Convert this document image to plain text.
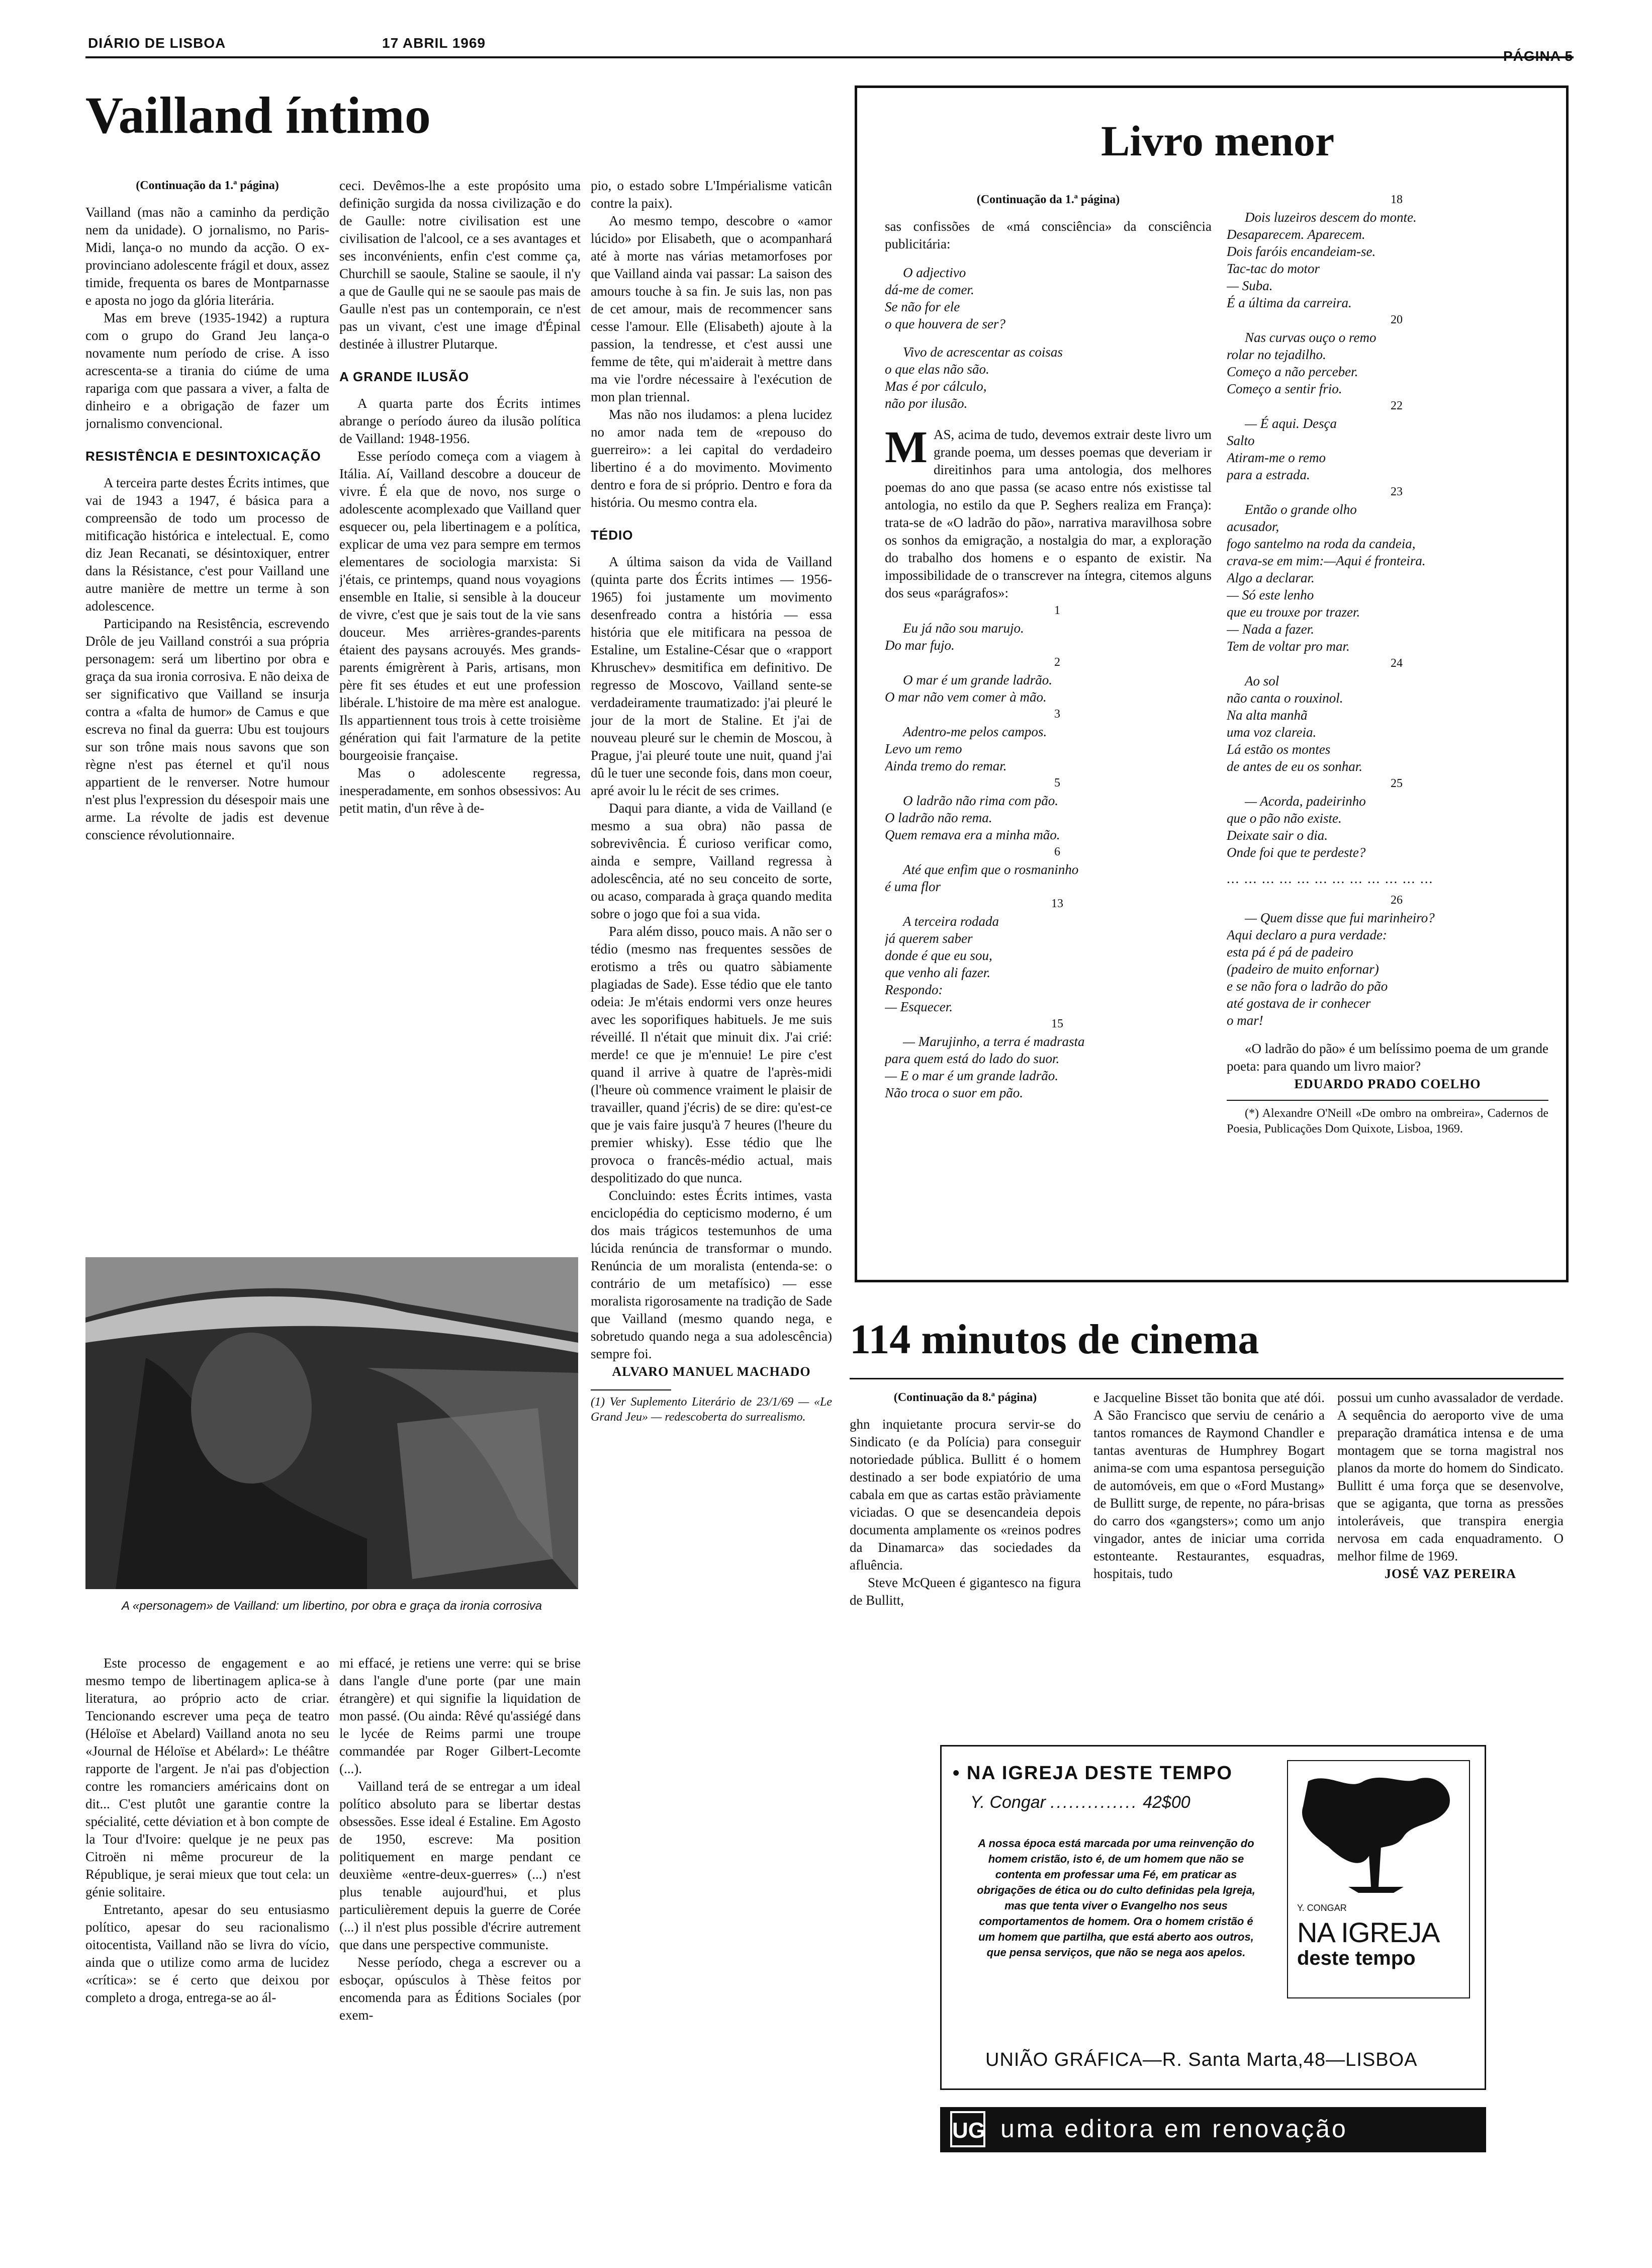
DIÁRIO DE LISBOA	17 ABRIL 1969
Vailland íntimo

(Continuação da 1.ª página)

Vailland (mas não a caminho da perdição nem da unidade). O jornalismo, no Paris-Midi, lança-o no mundo da acção. O ex-provinciano adolescente frágil et doux, assez timide, frequenta os bares de Montparnasse e aposta no jogo da glória literária.

Mas em breve (1935-1942) a ruptura com o grupo do Grand Jeu lança-o novamente num período de crise. A isso acrescenta-se a tirania do ciúme de uma rapariga com que passara a viver, a falta de dinheiro e a obrigação de fazer um jornalismo convencional.

RESISTÊNCIA E DESINTOXICAÇÃO

A terceira parte destes Écrits intimes, que vai de 1943 a 1947, é básica para a compreensão de todo um processo de mitificação histórica e intelectual. E, como diz Jean Recanati, se désintoxiquer, entrer dans la Résistance, c'est pour Vailland une autre manière de mettre un terme à son adolescence.

Participando na Resistência, escrevendo Drôle de jeu Vailland constrói a sua própria personagem: será um libertino por obra e graça da sua ironia corrosiva. E não deixa de ser significativo que Vailland se insurja contra a «falta de humor» de Camus e que escreva no final da guerra: Ubu est toujours sur son trône mais nous savons que son règne n'est pas éternel et qu'il nous appartient de le renverser. Notre humour n'est plus l'expression du désespoir mais une arme. La révolte de jadis est devenue conscience révolutionnaire.

ceci. Devêmos-lhe a este propósito uma definição surgida da nossa civilização e do de Gaulle: notre civilisation est une civilisation de l'alcool, ce a ses avantages et ses inconvénients, enfin c'est comme ça, Churchill se saoule, Staline se saoule, il n'y a que de Gaulle qui ne se saoule pas mais de Gaulle n'est pas un contemporain, ce n'est pas un vivant, c'est une image d'Épinal destinée à illustrer Plutarque.

A GRANDE ILUSÃO

A quarta parte dos Écrits intimes abrange o período áureo da ilusão política de Vailland: 1948-1956.

Esse período começa com a viagem à Itália. Aí, Vailland descobre a douceur de vivre. É ela que de novo, nos surge o adolescente acomplexado que Vailland quer esquecer ou, pela libertinagem e a política, explicar de uma vez para sempre em termos elementares de sociologia marxista: Si j'étais, ce printemps, quand nous voyagions ensemble en Italie, si sensible à la douceur de vivre, c'est que je sais tout de la vie sans douceur. Mes arrières-grandes-parents étaient des paysans acrouyés. Mes grands-parents émigrèrent à Paris, artisans, mon père fit ses études et eut une profession libérale. L'histoire de ma mère est analogue. Ils appartiennent tous trois à cette troisième génération qui fait l'armature de la petite bourgeoisie française.

Mas o adolescente regressa, inesperadamente, em sonhos obsessivos: Au petit matin, d'un rêve à de-

pio, o estado sobre L'Impérialisme vaticân contre la paix).

Ao mesmo tempo, descobre o «amor lúcido» por Elisabeth, que o acompanhará até à morte nas várias metamorfoses por que Vailland ainda vai passar: La saison des amours touche à sa fin. Je suis las, non pas de cet amour, mais de recommencer sans cesse l'amour. Elle (Elisabeth) ajoute à la passion, la tendresse, et c'est aussi une femme de tête, qui m'aiderait à mettre dans ma vie l'ordre nécessaire à l'exécution de mon plan triennal.

Mas não nos iludamos: a plena lucidez no amor nada tem de «repouso do guerreiro»: a lei capital do verdadeiro libertino é a do movimento. Movimento dentro e fora de si próprio. Dentro e fora da história. Ou mesmo contra ela.

TÉDIO

A última saison da vida de Vailland (quinta parte dos Écrits intimes — 1956-1965) foi justamente um movimento desenfreado contra a história — essa história que ele mitificara na pessoa de Estaline, um Estaline-César que o «rapport Khruschev» desmitifica em definitivo. De regresso de Moscovo, Vailland sente-se verdadeiramente traumatizado: j'ai pleuré le jour de la mort de Staline. Et j'ai de nouveau pleuré sur le chemin de Moscou, à Prague, j'ai pleuré toute une nuit, quand j'ai dû le tuer une seconde fois, dans mon coeur, apré avoir lu le récit de ses crimes.

Daqui para diante, a vida de Vailland (e mesmo a sua obra) não passa de sobrevivência. É curioso verificar como, ainda e sempre, Vailland regressa à adolescência, até no seu conceito de sorte, ou acaso, comparada à graça quando medita sobre o jogo que foi a sua vida.

Para além disso, pouco mais. A não ser o tédio (mesmo nas frequentes sessões de erotismo a três ou quatro sàbiamente plagiadas de Sade). Esse tédio que ele tanto odeia: Je m'étais endormi vers onze heures avec les soporifiques habituels. Je me suis réveillé. Il n'était que minuit dix. J'ai crié: merde! ce que je m'ennuie! Le pire c'est quand il arrive à quatre de l'après-midi (l'heure où commence vraiment le plaisir de travailler, quand j'écris) de se dire: qu'est-ce que je vais faire jusqu'à 7 heures (l'heure du premier whisky). Esse tédio que lhe provoca o francês-médio actual, mais despolitizado do que nunca.

Concluindo: estes Écrits intimes, vasta enciclopédia do cepticismo moderno, é um dos mais trágicos testemunhos de uma lúcida renúncia de transformar o mundo. Renúncia de um moralista (entenda-se: o contrário de um metafísico) — esse moralista rigorosamente na tradição de Sade que Vailland (mesmo quando nega, e sobretudo quando nega a sua adolescência) sempre foi.

ALVARO MANUEL MACHADO

(1) Ver Suplemento Literário de 23/1/69 — «Le Grand Jeu» — redescoberta do surrealismo.

A «personagem» de Vailland: um libertino, por obra e graça da ironia corrosiva

Este processo de engagement e ao mesmo tempo de libertinagem aplica-se à literatura, ao próprio acto de criar. Tencionando escrever uma peça de teatro (Héloïse et Abelard) Vailland anota no seu «Journal de Héloïse et Abélard»: Le théâtre rapporte de l'argent. Je n'ai pas d'objection contre les romanciers américains dont on dit... C'est plutôt une garantie contre la spécialité, cette déviation et à bon compte de la Tour d'Ivoire: quelque je ne peux pas Citroën ni même procureur de la République, je serai mieux que tout cela: un génie solitaire.

Entretanto, apesar do seu entusiasmo político, apesar do seu racionalismo oitocentista, Vailland não se livra do vício, ainda que o utilize como arma de lucidez «crítica»: se é certo que deixou por completo a droga, entrega-se ao ál-

mi effacé, je retiens une verre: qui se brise dans l'angle d'une porte (par une main étrangère) et qui signifie la liquidation de mon passé. (Ou ainda: Rêvé qu'assiégé dans le lycée de Reims parmi une troupe commandée par Roger Gilbert-Lecomte (...).

Vailland terá de se entregar a um ideal político absoluto para se libertar destas obsessões. Esse ideal é Estaline. Em Agosto de 1950, escreve: Ma position politiquement en marge pendant ce deuxième «entre-deux-guerres» (...) n'est plus tenable aujourd'hui, et plus particulièrement depuis la guerre de Corée (...) il n'est plus possible d'écrire autrement que dans une perspective communiste.

Nesse período, chega a escrever ou a esboçar, opúsculos à Thèse feitos por encomenda para as Éditions Sociales (por exem-

Livro menor

(Continuação da 1.ª página)

sas confissões de «má consciência» da consciência publicitária:

O adjectivo
dá-me de comer.
Se não for ele
o que houvera de ser?

Vivo de acrescentar as coisas
o que elas não são.
Mas é por cálculo,
não por ilusão.

MAS, acima de tudo, devemos extrair deste livro um grande poema, um desses poemas que deveriam ir direitinhos para uma antologia, dos melhores poemas do ano que passa (se acaso entre nós existisse tal antologia, no estilo da que P. Seghers realiza em França): trata-se de «O ladrão do pão», narrativa maravilhosa sobre os sonhos da emigração, a nostalgia do mar, a exploração do trabalho dos homens e o espanto de existir. Na impossibilidade de o transcrever na íntegra, citemos alguns dos seus «parágrafos»:

1

Eu já não sou marujo.
Do mar fujo.

2

O mar é um grande ladrão.
O mar não vem comer à mão.

3

Adentro-me pelos campos.
Levo um remo
Ainda tremo do remar.

5

O ladrão não rima com pão.
O ladrão não rema.
Quem remava era a minha mão.

6

Até que enfim que o rosmaninho
é uma flor

13

A terceira rodada
já querem saber
donde é que eu sou,
que venho ali fazer.
Respondo:
— Esquecer.

15

— Marujinho, a terra é madrasta
para quem está do lado do suor.
— E o mar é um grande ladrão.
Não troca o suor em pão.

18

Dois luzeiros descem do monte.
Desaparecem. Aparecem.
Dois faróis encandeiam-se.
Tac-tac do motor
— Suba.
É a última da carreira.

20

Nas curvas ouço o remo
rolar no tejadilho.
Começo a não perceber.
Começo a sentir frio.

22

— É aqui. Desça
Salto
Atiram-me o remo
para a estrada.

23

Então o grande olho
acusador,
fogo santelmo na roda da candeia,
crava-se em mim:—Aqui é fronteira.
Algo a declarar.
— Só este lenho
que eu trouxe por trazer.
— Nada a fazer.
Tem de voltar pro mar.

24

Ao sol
não canta o rouxinol.
Na alta manhã
uma voz clareia.
Lá estão os montes
de antes de eu os sonhar.

25

— Acorda, padeirinho
que o pão não existe.
Deixate sair o dia.
Onde foi que te perdeste?

... ... ... ... ... ... ... ... ... ... ... ...

26

— Quem disse que fui marinheiro?
Aqui declaro a pura verdade:
esta pá é pá de padeiro
(padeiro de muito enfornar)
e se não fora o ladrão do pão
até gostava de ir conhecer
o mar!

«O ladrão do pão» é um belíssimo poema de um grande poeta: para quando um livro maior?

EDUARDO PRADO COELHO

(*) Alexandre O'Neill «De ombro na ombreira», Cadernos de Poesia, Publicações Dom Quixote, Lisboa, 1969.

114 minutos de cinema

(Continuação da 8.ª página)

ghn inquietante procura servir-se do Sindicato (e da Polícia) para conseguir notoriedade pública. Bullitt é o homem destinado a ser bode expiatório de uma cabala em que as cartas estão pràviamente viciadas. O que se desencandeia depois documenta amplamente os «reinos podres da Dinamarca» das sociedades da afluência.

Steve McQueen é gigantesco na figura de Bullitt,

e Jacqueline Bisset tão bonita que até dói. A São Francisco que serviu de cenário a tantos romances de Raymond Chandler e tantas aventuras de Humphrey Bogart anima-se com uma espantosa perseguição de automóveis, em que o «Ford Mustang» de Bullitt surge, de repente, no pára-brisas do carro dos «gangsters»; como um anjo vingador, antes de iniciar uma corrida estonteante. Restaurantes, esquadras, hospitais, tudo

possui um cunho avassalador de verdade. A sequência do aeroporto vive de uma preparação dramática intensa e de uma montagem que se torna magistral nos planos da morte do homem do Sindicato. Bullitt é uma força que se desenvolve, que se agiganta, que torna as pressões intoleráveis, que transpira energia nervosa em cada enquadramento. O melhor filme de 1969.

JOSÉ VAZ PEREIRA

• NA IGREJA DESTE TEMPO
Y. Congar .............. 42$00
A nossa época está marcada por uma reinvenção do homem cristão, isto é, de um homem que não se contenta em professar uma Fé, em praticar as obrigações de ética ou do culto definidas pela Igreja, mas que tenta viver o Evangelho nos seus comportamentos de homem. Ora o homem cristão é um homem que partilha, que está aberto aos outros, que pensa serviços, que não se nega aos apelos.
Y. CONGAR
NA IGREJA
deste tempo
UNIÃO GRÁFICA—R. Santa Marta,48—LISBOA
UG uma editora em renovação
